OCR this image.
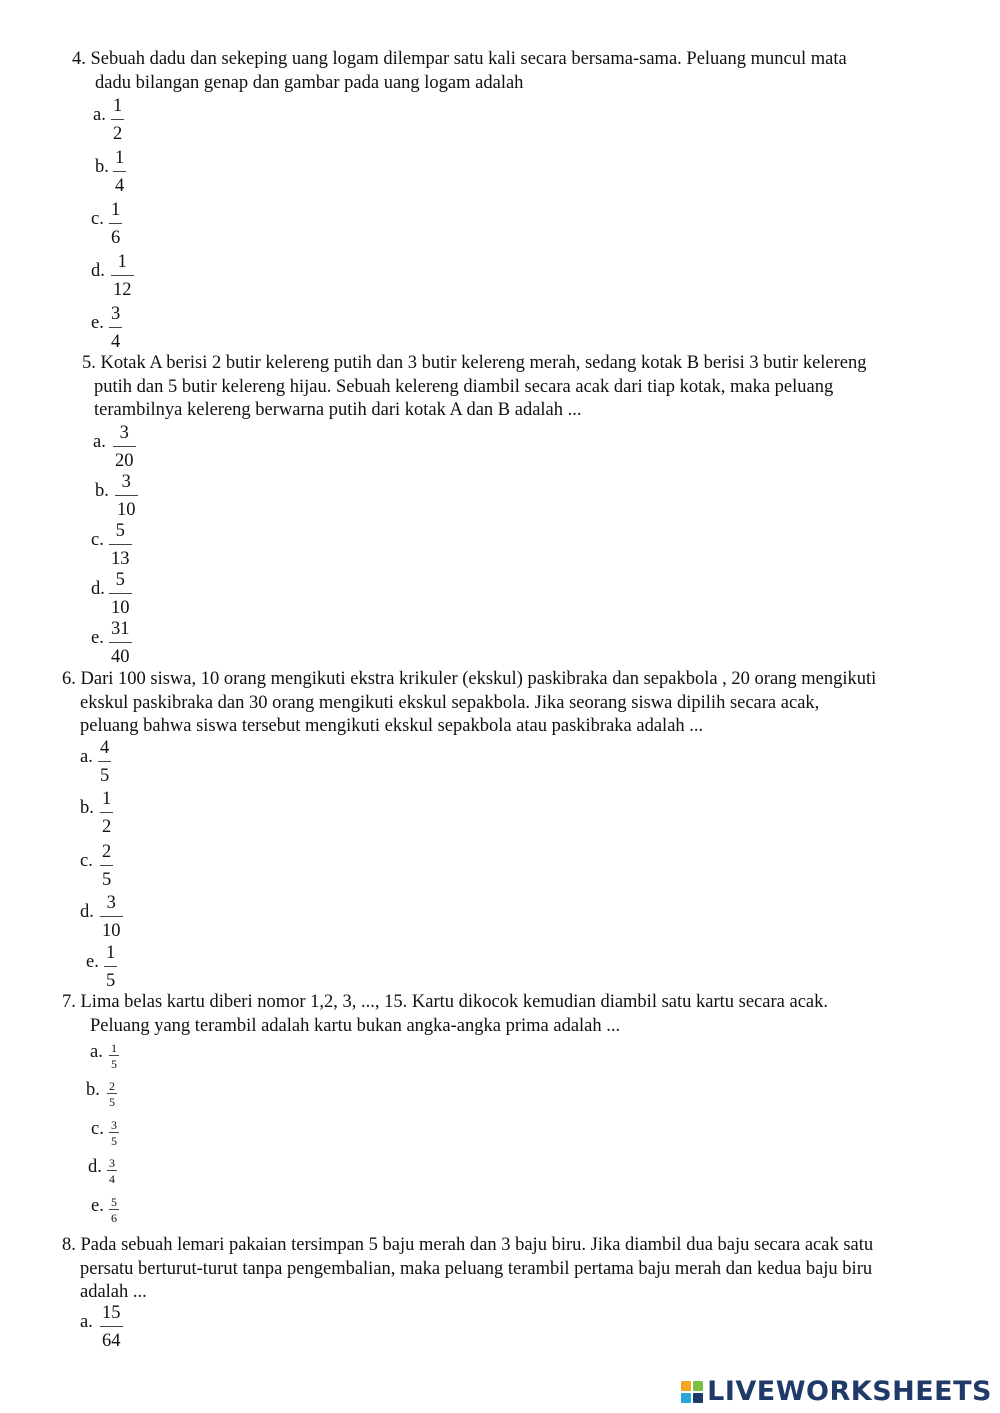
4. Sebuah dadu dan sekeping uang logam dilempar satu kali secara bersama-sama. Peluang muncul mata

dadu bilangan genap dan gambar pada uang logam adalah

a. $\frac{1}{2}$
b. $\frac{1}{4}$
c. $\frac{1}{6}$
d. $\frac{1}{12}$
e. $\frac{3}{4}$

5. Kotak A berisi 2 butir kelereng putih dan 3 butir kelereng merah, sedang kotak B berisi 3 butir kelereng

putih dan 5 butir kelereng hijau. Sebuah kelereng diambil secara acak dari tiap kotak, maka peluang

terambilnya kelereng berwarna putih dari kotak A dan B adalah ...

a. $\frac{3}{20}$
b. $\frac{3}{10}$
c. $\frac{5}{13}$
d. $\frac{5}{10}$
e. $\frac{31}{40}$

6. Dari 100 siswa, 10 orang mengikuti ekstra krikuler (ekskul) paskibraka dan sepakbola , 20 orang mengikuti

ekskul paskibraka dan 30 orang mengikuti ekskul sepakbola. Jika seorang siswa dipilih secara acak,

peluang bahwa siswa tersebut mengikuti ekskul sepakbola atau paskibraka adalah ...

a. $\frac{4}{5}$
b. $\frac{1}{2}$
c. $\frac{2}{5}$
d. $\frac{3}{10}$
e. $\frac{1}{5}$

7. Lima belas kartu diberi nomor 1,2, 3, ..., 15. Kartu dikocok kemudian diambil satu kartu secara acak.

Peluang yang terambil adalah kartu bukan angka-angka prima adalah ...

a. $\frac{1}{5}$
b. $\frac{2}{5}$
c. $\frac{3}{5}$
d. $\frac{3}{4}$
e. $\frac{5}{6}$

8. Pada sebuah lemari pakaian tersimpan 5 baju merah dan 3 baju biru. Jika diambil dua baju secara acak satu

persatu berturut-turut tanpa pengembalian, maka peluang terambil pertama baju merah dan kedua baju biru

adalah ...

a. $\frac{15}{64}$
LIVEWORKSHEETS
